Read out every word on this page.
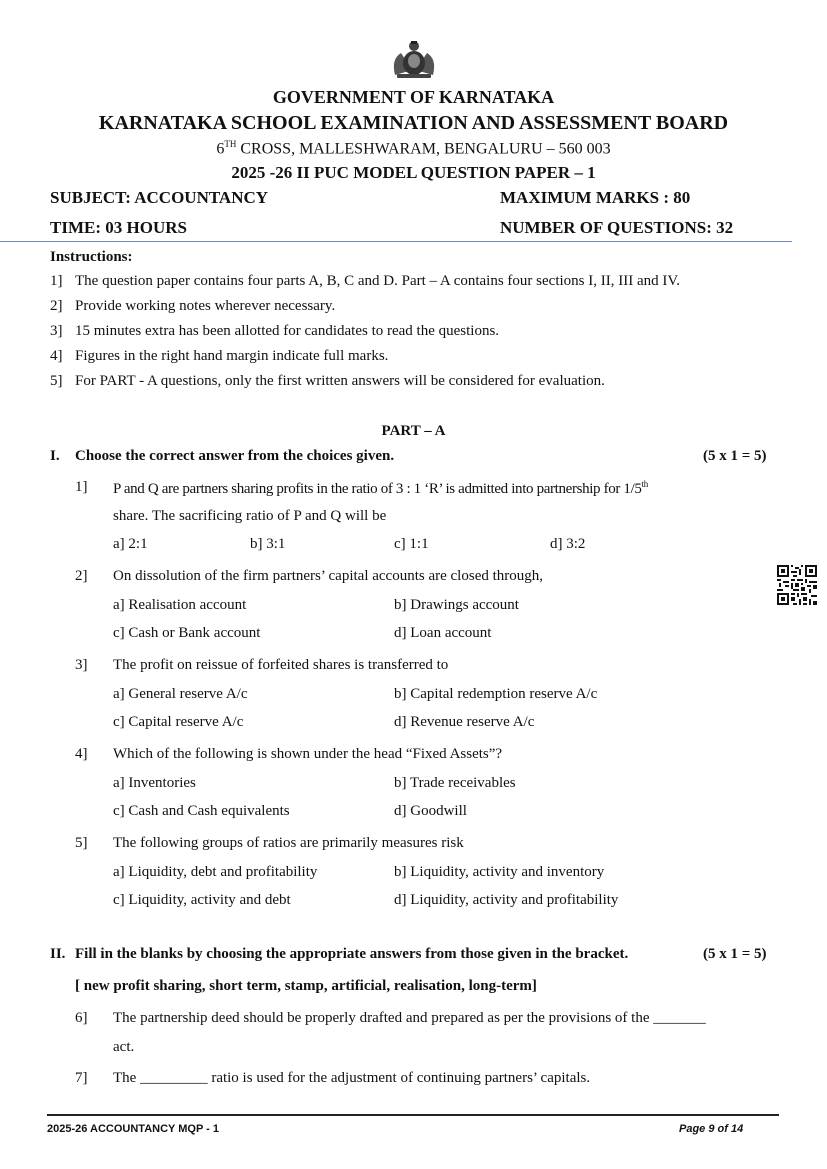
GOVERNMENT OF KARNATAKA
KARNATAKA SCHOOL EXAMINATION AND ASSESSMENT BOARD
6TH CROSS, MALLESHWARAM, BENGALURU – 560 003
2025 -26 II PUC MODEL QUESTION PAPER – 1
SUBJECT: ACCOUNTANCY	MAXIMUM MARKS : 80
TIME: 03 HOURS	NUMBER OF QUESTIONS: 32
Instructions:
1] The question paper contains four parts A, B, C and D. Part – A contains four sections I, II, III and IV.
2] Provide working notes wherever necessary.
3] 15 minutes extra has been allotted for candidates to read the questions.
4] Figures in the right hand margin indicate full marks.
5] For PART - A questions, only the first written answers will be considered for evaluation.
PART – A
I. Choose the correct answer from the choices given.	(5 x 1 = 5)
1] P and Q are partners sharing profits in the ratio of 3 : 1 ‘R’ is admitted into partnership for 1/5th
share. The sacrificing ratio of P and Q will be
a] 2:1	b] 3:1	c] 1:1	d] 3:2
2] On dissolution of the firm partners’ capital accounts are closed through,
a] Realisation account	b] Drawings account
c] Cash or Bank account	d] Loan account
3] The profit on reissue of forfeited shares is transferred to
a] General reserve A/c	b] Capital redemption reserve A/c
c] Capital reserve A/c	d] Revenue reserve A/c
4] Which of the following is shown under the head “Fixed Assets”?
a] Inventories	b] Trade receivables
c] Cash and Cash equivalents	d] Goodwill
5] The following groups of ratios are primarily measures risk
a] Liquidity, debt and profitability	b] Liquidity, activity and inventory
c] Liquidity, activity and debt	d] Liquidity, activity and profitability
II. Fill in the blanks by choosing the appropriate answers from those given in the bracket.	(5 x 1 = 5)
[ new profit sharing, short term, stamp, artificial, realisation, long-term]
6] The partnership deed should be properly drafted and prepared as per the provisions of the _______
act.
7] The _________ ratio is used for the adjustment of continuing partners’ capitals.
2025-26 ACCOUNTANCY MQP - 1	Page 9 of 14
